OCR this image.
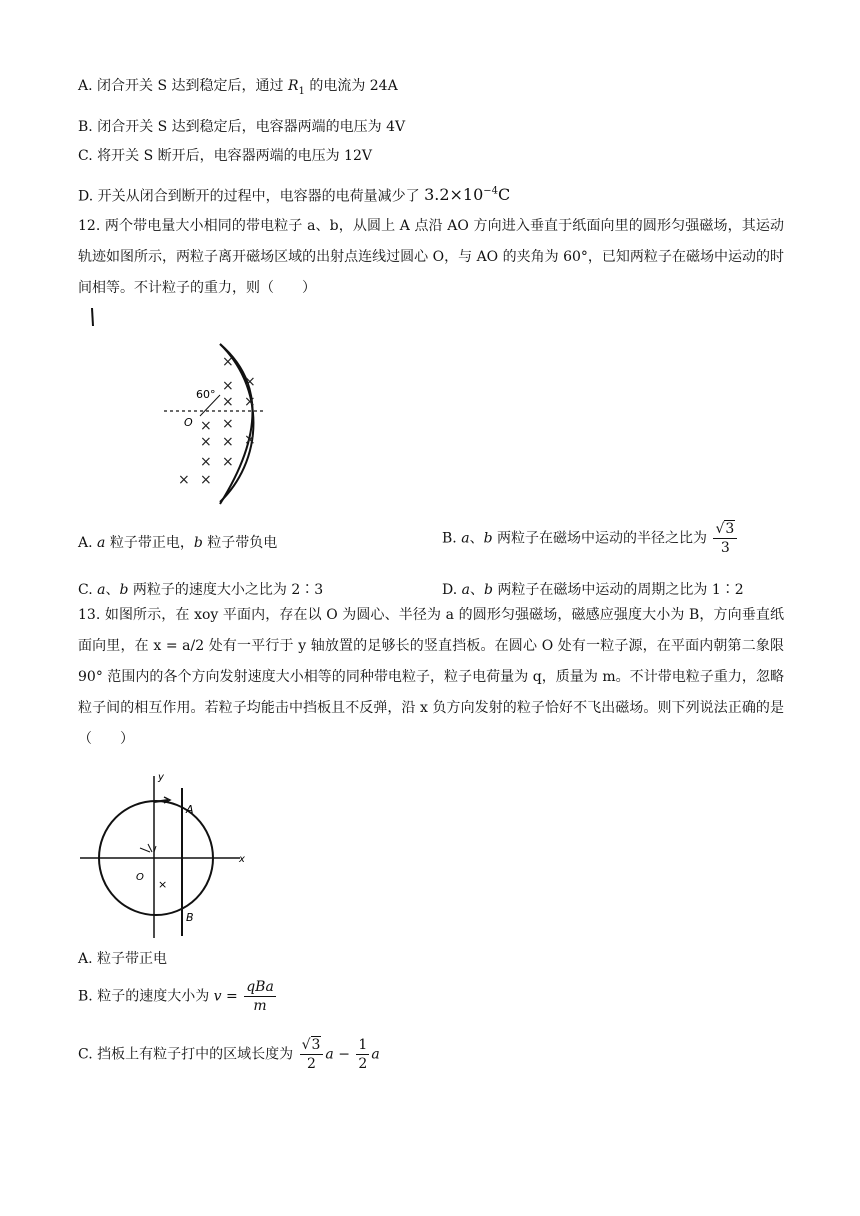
A. 闭合开关 S 达到稳定后，通过 $R_1$ 的电流为 24A
B. 闭合开关 S 达到稳定后，电容器两端的电压为 4V
C. 将开关 S 断开后，电容器两端的电压为 12V
D. 开关从闭合到断开的过程中，电容器的电荷量减少了 $3.2\times 10^{-4}C$
12. 两个带电量大小相同的带电粒子 a、b，从圆上 A 点沿 AO 方向进入垂直于纸面向里的圆形匀强磁场，其运动轨迹如图所示，两粒子离开磁场区域的出射点连线过圆心 O，与 AO 的夹角为 60°，已知两粒子在磁场中运动的时间相等。不计粒子的重力，则（　　）
×
× ×
× ×
× ×
× × ×
× ×
× ×
60°
O
A. a 粒子带正电，b 粒子带负电	B. a、b 两粒子在磁场中运动的半径之比为 $\frac{√3}{3}$
C. a、b 两粒子的速度大小之比为 2∶3	D. a、b 两粒子在磁场中运动的周期之比为 1∶2
13. 如图所示，在 xoy 平面内，存在以 O 为圆心、半径为 a 的圆形匀强磁场，磁感应强度大小为 B，方向垂直纸面向里，在 x = a/2 处有一平行于 y 轴放置的足够长的竖直挡板。在圆心 O 处有一粒子源，在平面内朝第二象限 90° 范围内的各个方向发射速度大小相等的同种带电粒子，粒子电荷量为 q，质量为 m。不计带电粒子重力，忽略粒子间的相互作用。若粒子均能击中挡板且不反弹，沿 x 负方向发射的粒子恰好不飞出磁场。则下列说法正确的是（　　）
y
x
A
B
O
×
A. 粒子带正电
B. 粒子的速度大小为 $v = \frac{\text{qBa}}{m}$
C. 挡板上有粒子打中的区域长度为 $\frac{√3}{2}$ $a - \frac{1}{2}$ a
